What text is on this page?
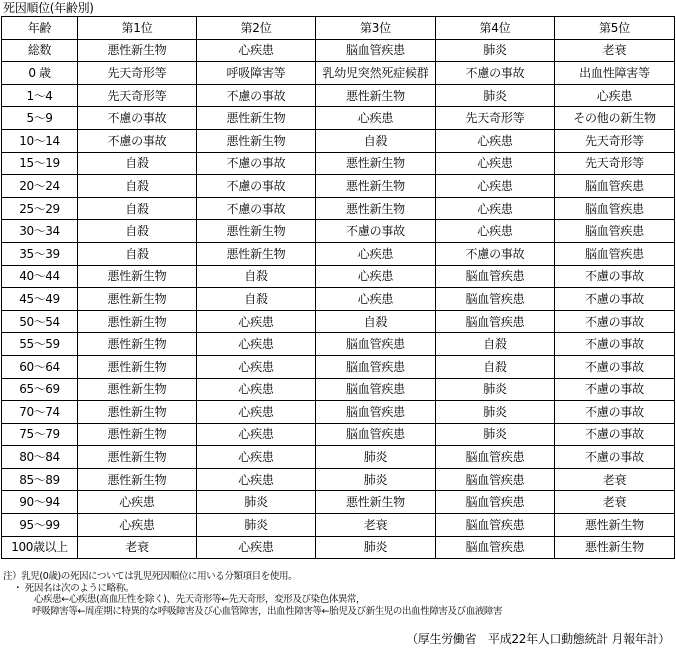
死因順位(年齢別)
年齢	第1位	第2位	第3位	第4位	第5位
総数	悪性新生物	心疾患	脳血管疾患	肺炎	老衰
0 歳	先天奇形等	呼吸障害等	乳幼児突然死症候群	不慮の事故	出血性障害等
1～4	先天奇形等	不慮の事故	悪性新生物	肺炎	心疾患
5～9	不慮の事故	悪性新生物	心疾患	先天奇形等	その他の新生物
10～14	不慮の事故	悪性新生物	自殺	心疾患	先天奇形等
15～19	自殺	不慮の事故	悪性新生物	心疾患	先天奇形等
20～24	自殺	不慮の事故	悪性新生物	心疾患	脳血管疾患
25～29	自殺	不慮の事故	悪性新生物	心疾患	脳血管疾患
30～34	自殺	悪性新生物	不慮の事故	心疾患	脳血管疾患
35～39	自殺	悪性新生物	心疾患	不慮の事故	脳血管疾患
40～44	悪性新生物	自殺	心疾患	脳血管疾患	不慮の事故
45～49	悪性新生物	自殺	心疾患	脳血管疾患	不慮の事故
50～54	悪性新生物	心疾患	自殺	脳血管疾患	不慮の事故
55～59	悪性新生物	心疾患	脳血管疾患	自殺	不慮の事故
60～64	悪性新生物	心疾患	脳血管疾患	自殺	不慮の事故
65～69	悪性新生物	心疾患	脳血管疾患	肺炎	不慮の事故
70～74	悪性新生物	心疾患	脳血管疾患	肺炎	不慮の事故
75～79	悪性新生物	心疾患	脳血管疾患	肺炎	不慮の事故
80～84	悪性新生物	心疾患	肺炎	脳血管疾患	不慮の事故
85～89	悪性新生物	心疾患	肺炎	脳血管疾患	老衰
90～94	心疾患	肺炎	悪性新生物	脳血管疾患	老衰
95～99	心疾患	肺炎	老衰	脳血管疾患	悪性新生物
100歳以上	老衰	心疾患	肺炎	脳血管疾患	悪性新生物
注）乳児(0歳)の死因については乳児死因順位に用いる分類項目を使用。
・ 死因名は次のように略称。
心疾患←心疾患(高血圧性を除く)、先天奇形等←先天奇形，変形及び染色体異常，
呼吸障害等←周産期に特異的な呼吸障害及び心血管障害，出血性障害等←胎児及び新生児の出血性障害及び血液障害
（厚生労働省　平成22年人口動態統計 月報年計）
